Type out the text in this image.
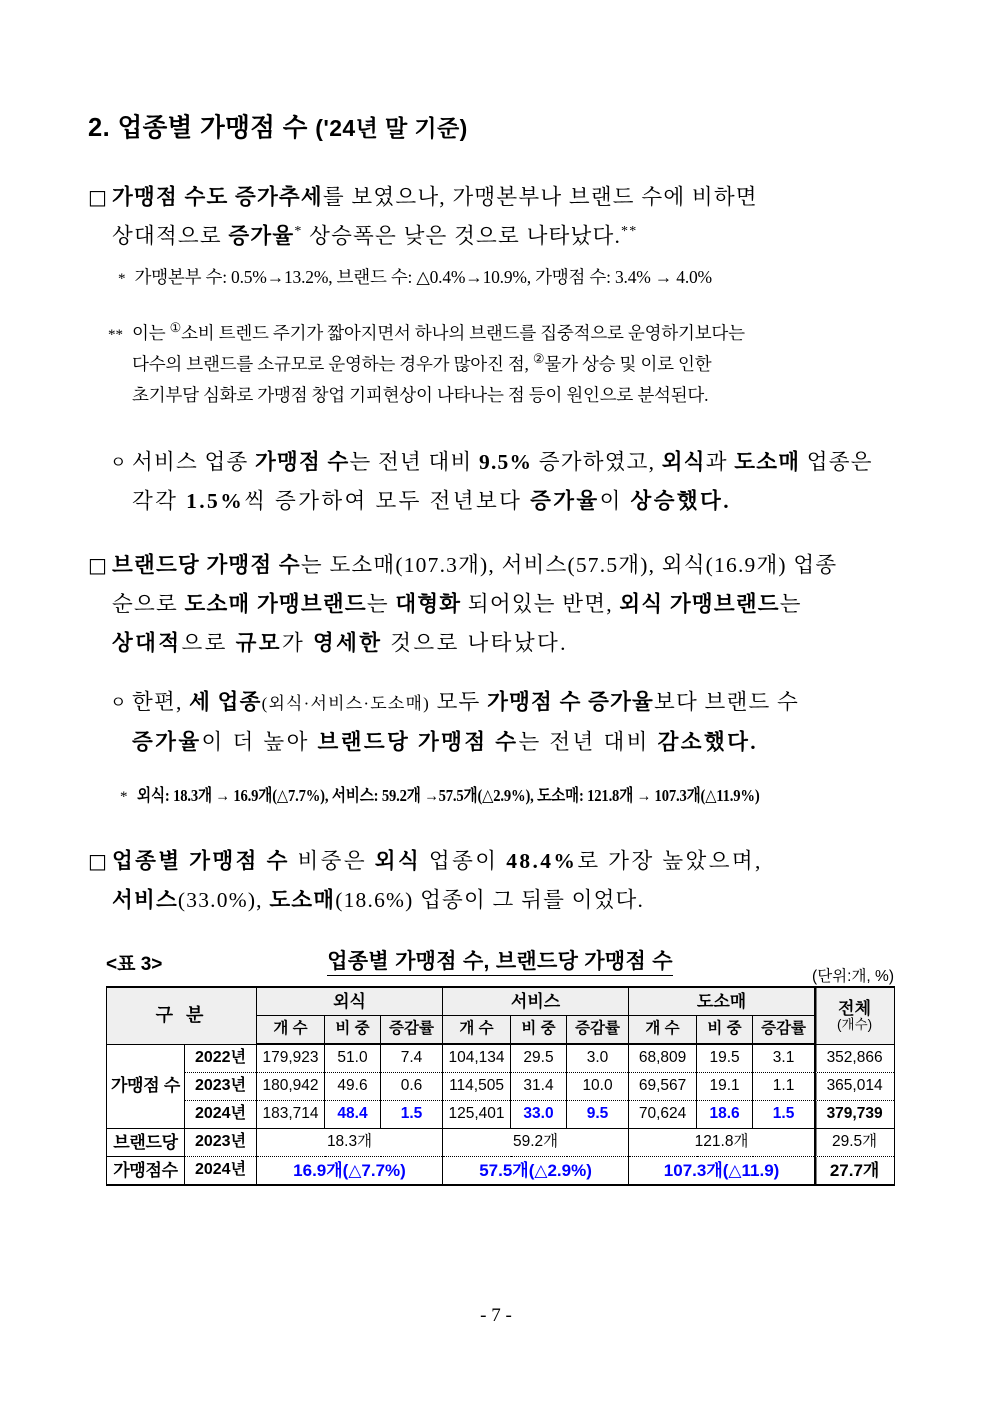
2. 업종별 가맹점 수 ('24년 말 기준)
□ 가맹점 수도 증가추세를 보였으나, 가맹본부나 브랜드 수에 비하면
상대적으로 증가율* 상승폭은 낮은 것으로 나타났다.**
* 가맹본부 수: 0.5%→13.2%, 브랜드 수: △0.4%→10.9%, 가맹점 수: 3.4% → 4.0%
** 이는 ①소비 트렌드 주기가 짧아지면서 하나의 브랜드를 집중적으로 운영하기보다는
다수의 브랜드를 소규모로 운영하는 경우가 많아진 점, ②물가 상승 및 이로 인한
초기부담 심화로 가맹점 창업 기피현상이 나타나는 점 등이 원인으로 분석된다.
ㅇ 서비스 업종 가맹점 수는 전년 대비 9.5% 증가하였고, 외식과 도소매 업종은
각각 1.5%씩 증가하여 모두 전년보다 증가율이 상승했다.
□ 브랜드당 가맹점 수는 도소매(107.3개), 서비스(57.5개), 외식(16.9개) 업종
순으로 도소매 가맹브랜드는 대형화 되어있는 반면, 외식 가맹브랜드는
상대적으로 규모가 영세한 것으로 나타났다.
ㅇ 한편, 세 업종(외식·서비스·도소매) 모두 가맹점 수 증가율보다 브랜드 수
증가율이 더 높아 브랜드당 가맹점 수는 전년 대비 감소했다.
* 외식: 18.3개 → 16.9개(△7.7%), 서비스: 59.2개 →57.5개(△2.9%), 도소매: 121.8개 → 107.3개(△11.9%)
□ 업종별 가맹점 수 비중은 외식 업종이 48.4%로 가장 높았으며,
서비스(33.0%), 도소매(18.6%) 업종이 그 뒤를 이었다.
<표 3>	업종별 가맹점 수, 브랜드당 가맹점 수
(단위:개, %)
구 분		외식			서비스			도소매			전체
(개수)

		개 수	비 중	증감률	개 수	비 중	증감률	개 수	비 중	증감률	
가맹점 수	2022년	179,923	51.0	7.4	104,134	29.5	3.0	68,809	19.5	3.1	352,866
	2023년	180,942	49.6	0.6	114,505	31.4	10.0	69,567	19.1	1.1	365,014
	2024년	183,714	48.4	1.5	125,401	33.0	9.5	70,624	18.6	1.5	379,739
브랜드당	2023년	18.3개			59.2개			121.8개			29.5개
가맹점수	2024년	16.9개(△7.7%)			57.5개(△2.9%)			107.3개(△11.9)			27.7개
- 7 -
